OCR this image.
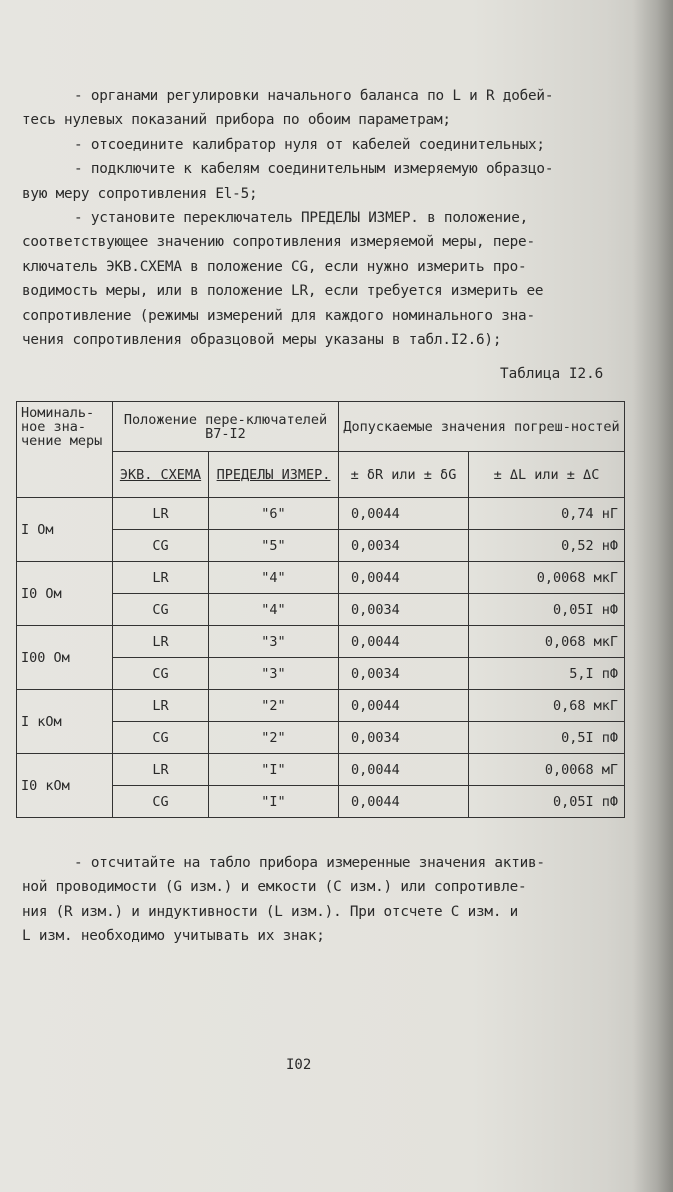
- органами регулировки начального баланса по L и R добей-
тесь нулевых показаний прибора по обоим параметрам;
- отсоедините калибратор нуля от кабелей соединительных;
- подключите к кабелям соединительным измеряемую образцо-
вую меру сопротивления El-5;
- установите переключатель ПРЕДЕЛЫ ИЗМЕР. в положение,
соответствующее значению сопротивления измеряемой меры, пере-
ключатель ЭКВ.СХЕМА в положение CG, если нужно измерить про-
водимость меры, или в положение LR, если требуется измерить ее
сопротивление (режимы измерений для каждого номинального зна-
чения сопротивления образцовой меры указаны в табл.I2.6);
Таблица I2.6
Номиналь-ное зна-чение меры	Положение пере-ключателей В7-I2		Допускаемые значения погреш-ностей	
	ЭКВ. СХЕМА	ПРЕДЕЛЫ ИЗМЕР.	± δR или ± δG	± ΔL или ± ΔC
I Ом	LR	"6"	0,0044	0,74 нГ
	CG	"5"	0,0034	0,52 нФ
I0 Ом	LR	"4"	0,0044	0,0068 мкГ
	CG	"4"	0,0034	0,05I нФ
I00 Ом	LR	"3"	0,0044	0,068 мкГ
	CG	"3"	0,0034	5,I пФ
I кОм	LR	"2"	0,0044	0,68 мкГ
	CG	"2"	0,0034	0,5I пФ
I0 кОм	LR	"I"	0,0044	0,0068 мГ
	CG	"I"	0,0044	0,05I пФ
- отсчитайте на табло прибора измеренные значения актив-
ной проводимости (G изм.) и емкости (C изм.) или сопротивле-
ния (R изм.) и индуктивности (L изм.). При отсчете C изм. и
L изм. необходимо учитывать их знак;
I02
